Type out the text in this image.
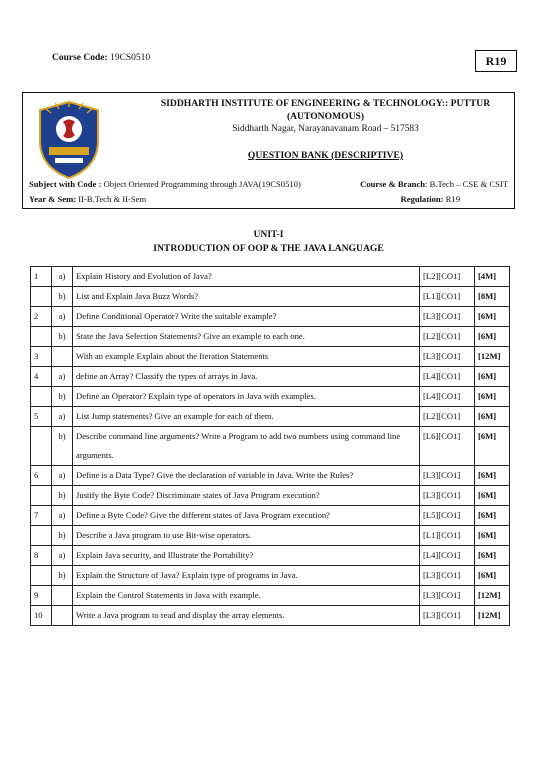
Course Code: 19CS0510	R19
SIDDHARTH INSTITUTE OF ENGINEERING & TECHNOLOGY:: PUTTUR
(AUTONOMOUS)
Siddharth Nagar, Narayanavanam Road – 517583
QUESTION BANK (DESCRIPTIVE)
Subject with Code : Object Oriented Programming through JAVA(19CS0510)	Course & Branch: B.Tech – CSE & CSIT
Year & Sem: II-B.Tech & II-Sem	Regulation: R19
UNIT-I
INTRODUCTION OF OOP & THE JAVA LANGUAGE
1	a)	Explain History and Evolution of Java?	[L2][CO1]	[4M]
	b)	List and Explain Java Buzz Words?	[L1][CO1]	[8M]
2	a)	Define Conditional Operator? Write the suitable example?	[L3][CO1]	[6M]
	b)	State the Java Selection Statements? Give an example to each one.	[L2][CO1]	[6M]
3		With an example Explain about the Iteration Statements	[L3][CO1]	[12M]
4	a)	define an Array? Classify the types of arrays in Java.	[L4][CO1]	[6M]
	b)	Define an Operator? Explain type of operators in Java with examples.	[L4][CO1]	[6M]
5	a)	List Jump statements? Give an example for each of them.	[L2][CO1]	[6M]
	b)	Describe command line arguments? Write a Program to add two numbers using command line arguments.	[L6][CO1]	[6M]
6	a)	Define is a Data Type? Give the declaration of variable in Java. Write the Rules?	[L3][CO1]	[6M]
	b)	Justify the Byte Code? Discriminate states of Java Program execution?	[L3][CO1]	[6M]
7	a)	Define a Byte Code? Give the different states of Java Program execution?	[L5][CO1]	[6M]
	b)	Describe a Java program to use Bit-wise operators.	[L1][CO1]	[6M]
8	a)	Explain Java security, and Illustrate the Portability?	[L4][CO1]	[6M]
	b)	Explain the Structure of Java? Explain type of programs in Java.	[L3][CO1]	[6M]
9		Explain the Control Statements in Java with example.	[L3][CO1]	[12M]
10		Write a Java program to read and display the array elements.	[L3][CO1]	[12M]
